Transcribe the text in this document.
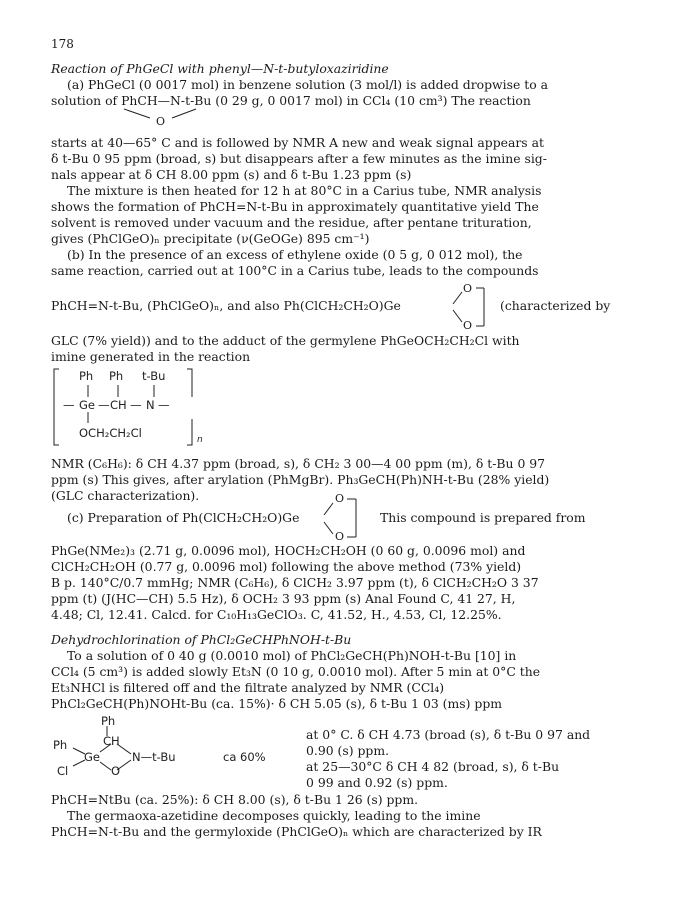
178
Reaction of PhGeCl with phenyl—N-t-butyloxaziridine
(a) PhGeCl (0 0017 mol) in benzene solution (3 mol/l) is added dropwise to a
solution of PhCH—N-t-Bu (0 29 g, 0 0017 mol) in CCl₄ (10 cm³) The reaction
O
starts at 40—65° C and is followed by NMR A new and weak signal appears at
δ t-Bu 0 95 ppm (broad, s) but disappears after a few minutes as the imine sig-
nals appear at δ CH 8.00 ppm (s) and δ t-Bu 1.23 ppm (s)
The mixture is then heated for 12 h at 80°C in a Carius tube, NMR analysis
shows the formation of PhCH=N-t-Bu in approximately quantitative yield The
solvent is removed under vacuum and the residue, after pentane trituration,
gives (PhClGeO)ₙ precipitate (ν(GeOGe) 895 cm⁻¹)
(b) In the presence of an excess of ethylene oxide (0 5 g, 0 012 mol), the
same reaction, carried out at 100°C in a Carius tube, leads to the compounds
PhCH=N-t-Bu, (PhClGeO)ₙ, and also Ph(ClCH₂CH₂O)Ge	(characterized by
O
O
GLC (7% yield)) and to the adduct of the germylene PhGeOCH₂CH₂Cl with
imine generated in the reaction
Ph Ph t-Bu
— Ge — CH — N —
OCH₂CH₂Cl	n
NMR (C₆H₆): δ CH 4.37 ppm (broad, s), δ CH₂ 3 00—4 00 ppm (m), δ t-Bu 0 97
ppm (s) This gives, after arylation (PhMgBr). Ph₃GeCH(Ph)NH-t-Bu (28% yield)
(GLC characterization).
(c) Preparation of Ph(ClCH₂CH₂O)Ge	This compound is prepared from
O
O
PhGe(NMe₂)₃ (2.71 g, 0.0096 mol), HOCH₂CH₂OH (0 60 g, 0.0096 mol) and
ClCH₂CH₂OH (0.77 g, 0.0096 mol) following the above method (73% yield)
B p. 140°C/0.7 mmHg; NMR (C₆H₆), δ ClCH₂ 3.97 ppm (t), δ ClCH₂CH₂O 3 37
ppm (t) (J(HC—CH) 5.5 Hz), δ OCH₂ 3 93 ppm (s) Anal Found C, 41 27, H,
4.48; Cl, 12.41. Calcd. for C₁₀H₁₃GeClO₃. C, 41.52, H., 4.53, Cl, 12.25%.
Dehydrochlorination of PhCl₂GeCHPhNOH-t-Bu
To a solution of 0 40 g (0.0010 mol) of PhCl₂GeCH(Ph)NOH-t-Bu [10] in
CCl₄ (5 cm³) is added slowly Et₃N (0 10 g, 0.0010 mol). After 5 min at 0°C the
Et₃NHCl is filtered off and the filtrate analyzed by NMR (CCl₄)
PhCl₂GeCH(Ph)NOHt-Bu (ca. 15%)· δ CH 5.05 (s), δ t-Bu 1 03 (ms) ppm
Ph
Ph	CH
Ge	N—t-Bu
Cl	O
ca 60%
at 0° C. δ CH 4.73 (broad (s), δ t-Bu 0 97 and
0.90 (s) ppm.
at 25—30°C δ CH 4 82 (broad, s), δ t-Bu
0 99 and 0.92 (s) ppm.
PhCH=NtBu (ca. 25%): δ CH 8.00 (s), δ t-Bu 1 26 (s) ppm.
The germaoxa-azetidine decomposes quickly, leading to the imine
PhCH=N-t-Bu and the germyloxide (PhClGeO)ₙ which are characterized by IR
